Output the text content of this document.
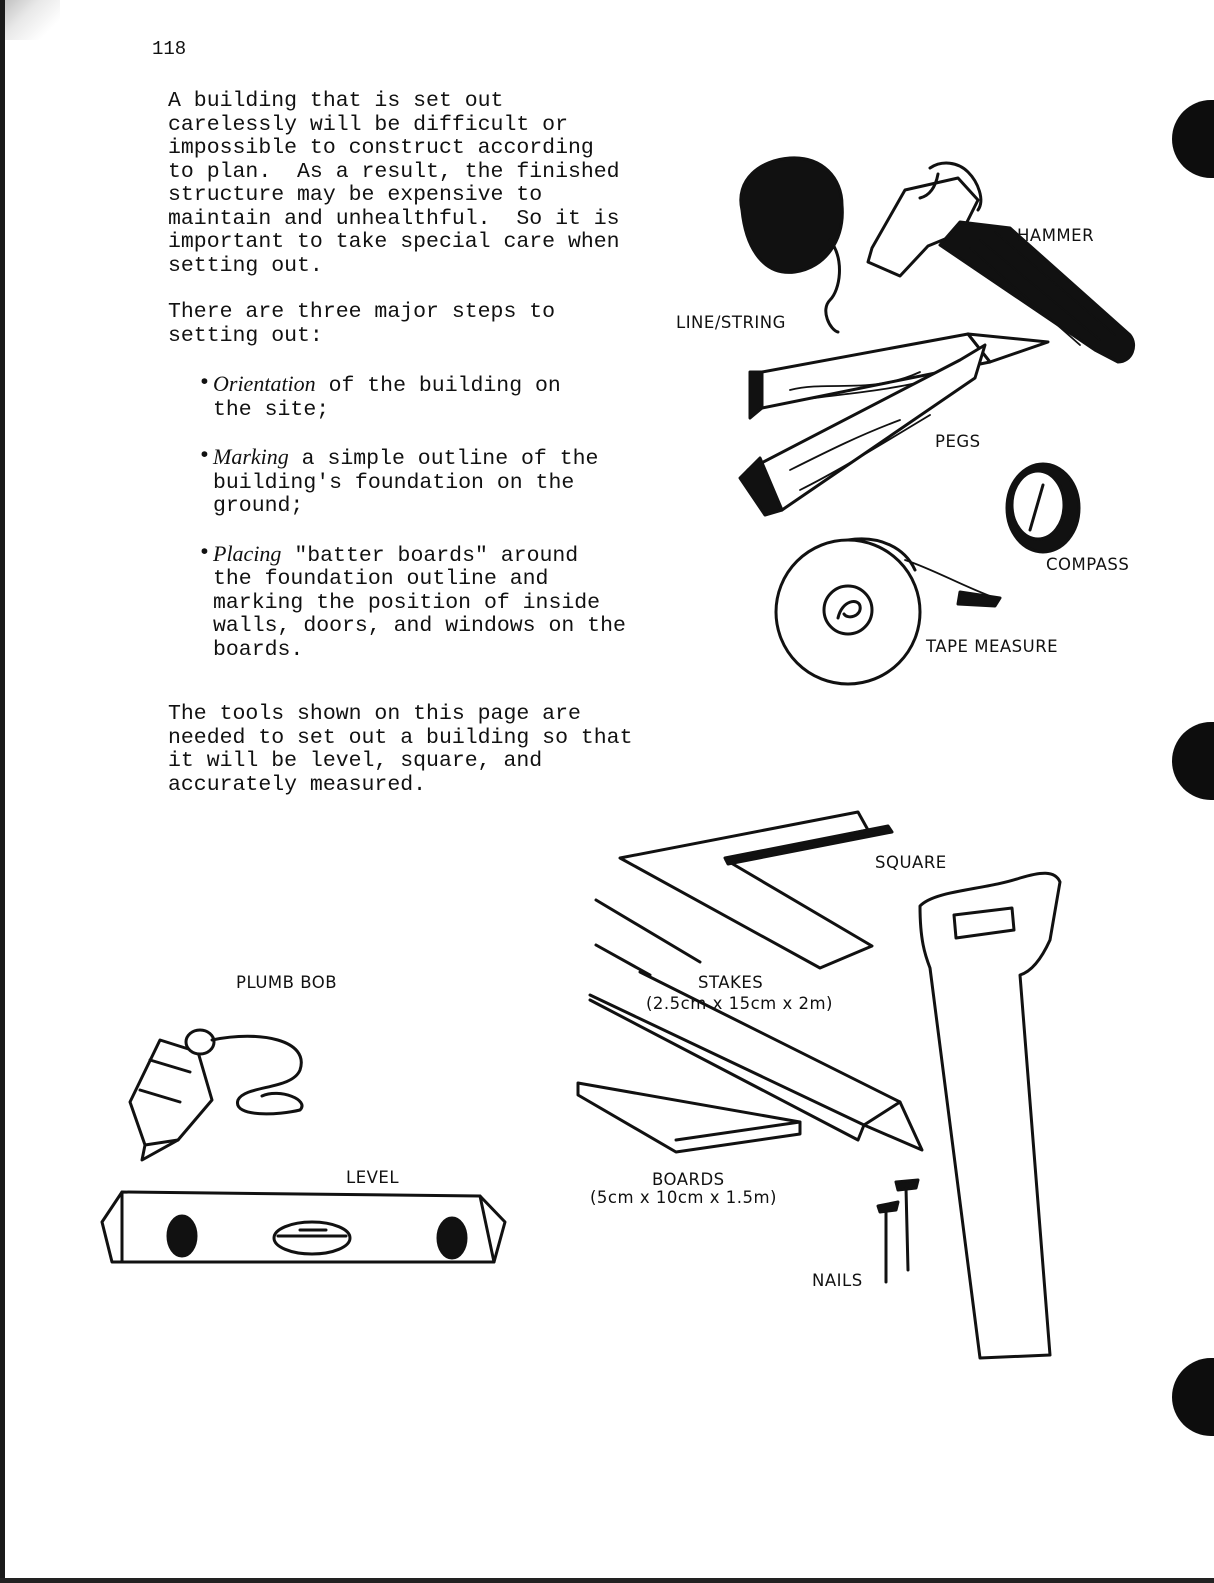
118

A building that is set out
carelessly will be difficult or
impossible to construct according
to plan.  As a result, the finished
structure may be expensive to
maintain and unhealthful.  So it is
important to take special care when
setting out.

There are three major steps to
setting out:

• Orientation of the building on
the site;
• Marking a simple outline of the
building's foundation on the
ground;
• Placing "batter boards" around
the foundation outline and
marking the position of inside
walls, doors, and windows on the
boards.

The tools shown on this page are
needed to set out a building so that
it will be level, square, and
accurately measured.

HAMMER
LINE/STRING
PEGS
COMPASS
TAPE MEASURE
SQUARE
STAKES
(2.5cm x 15cm x 2m)
PLUMB BOB
LEVEL	BOARDS
(5cm x 10cm x 1.5m)
NAILS
